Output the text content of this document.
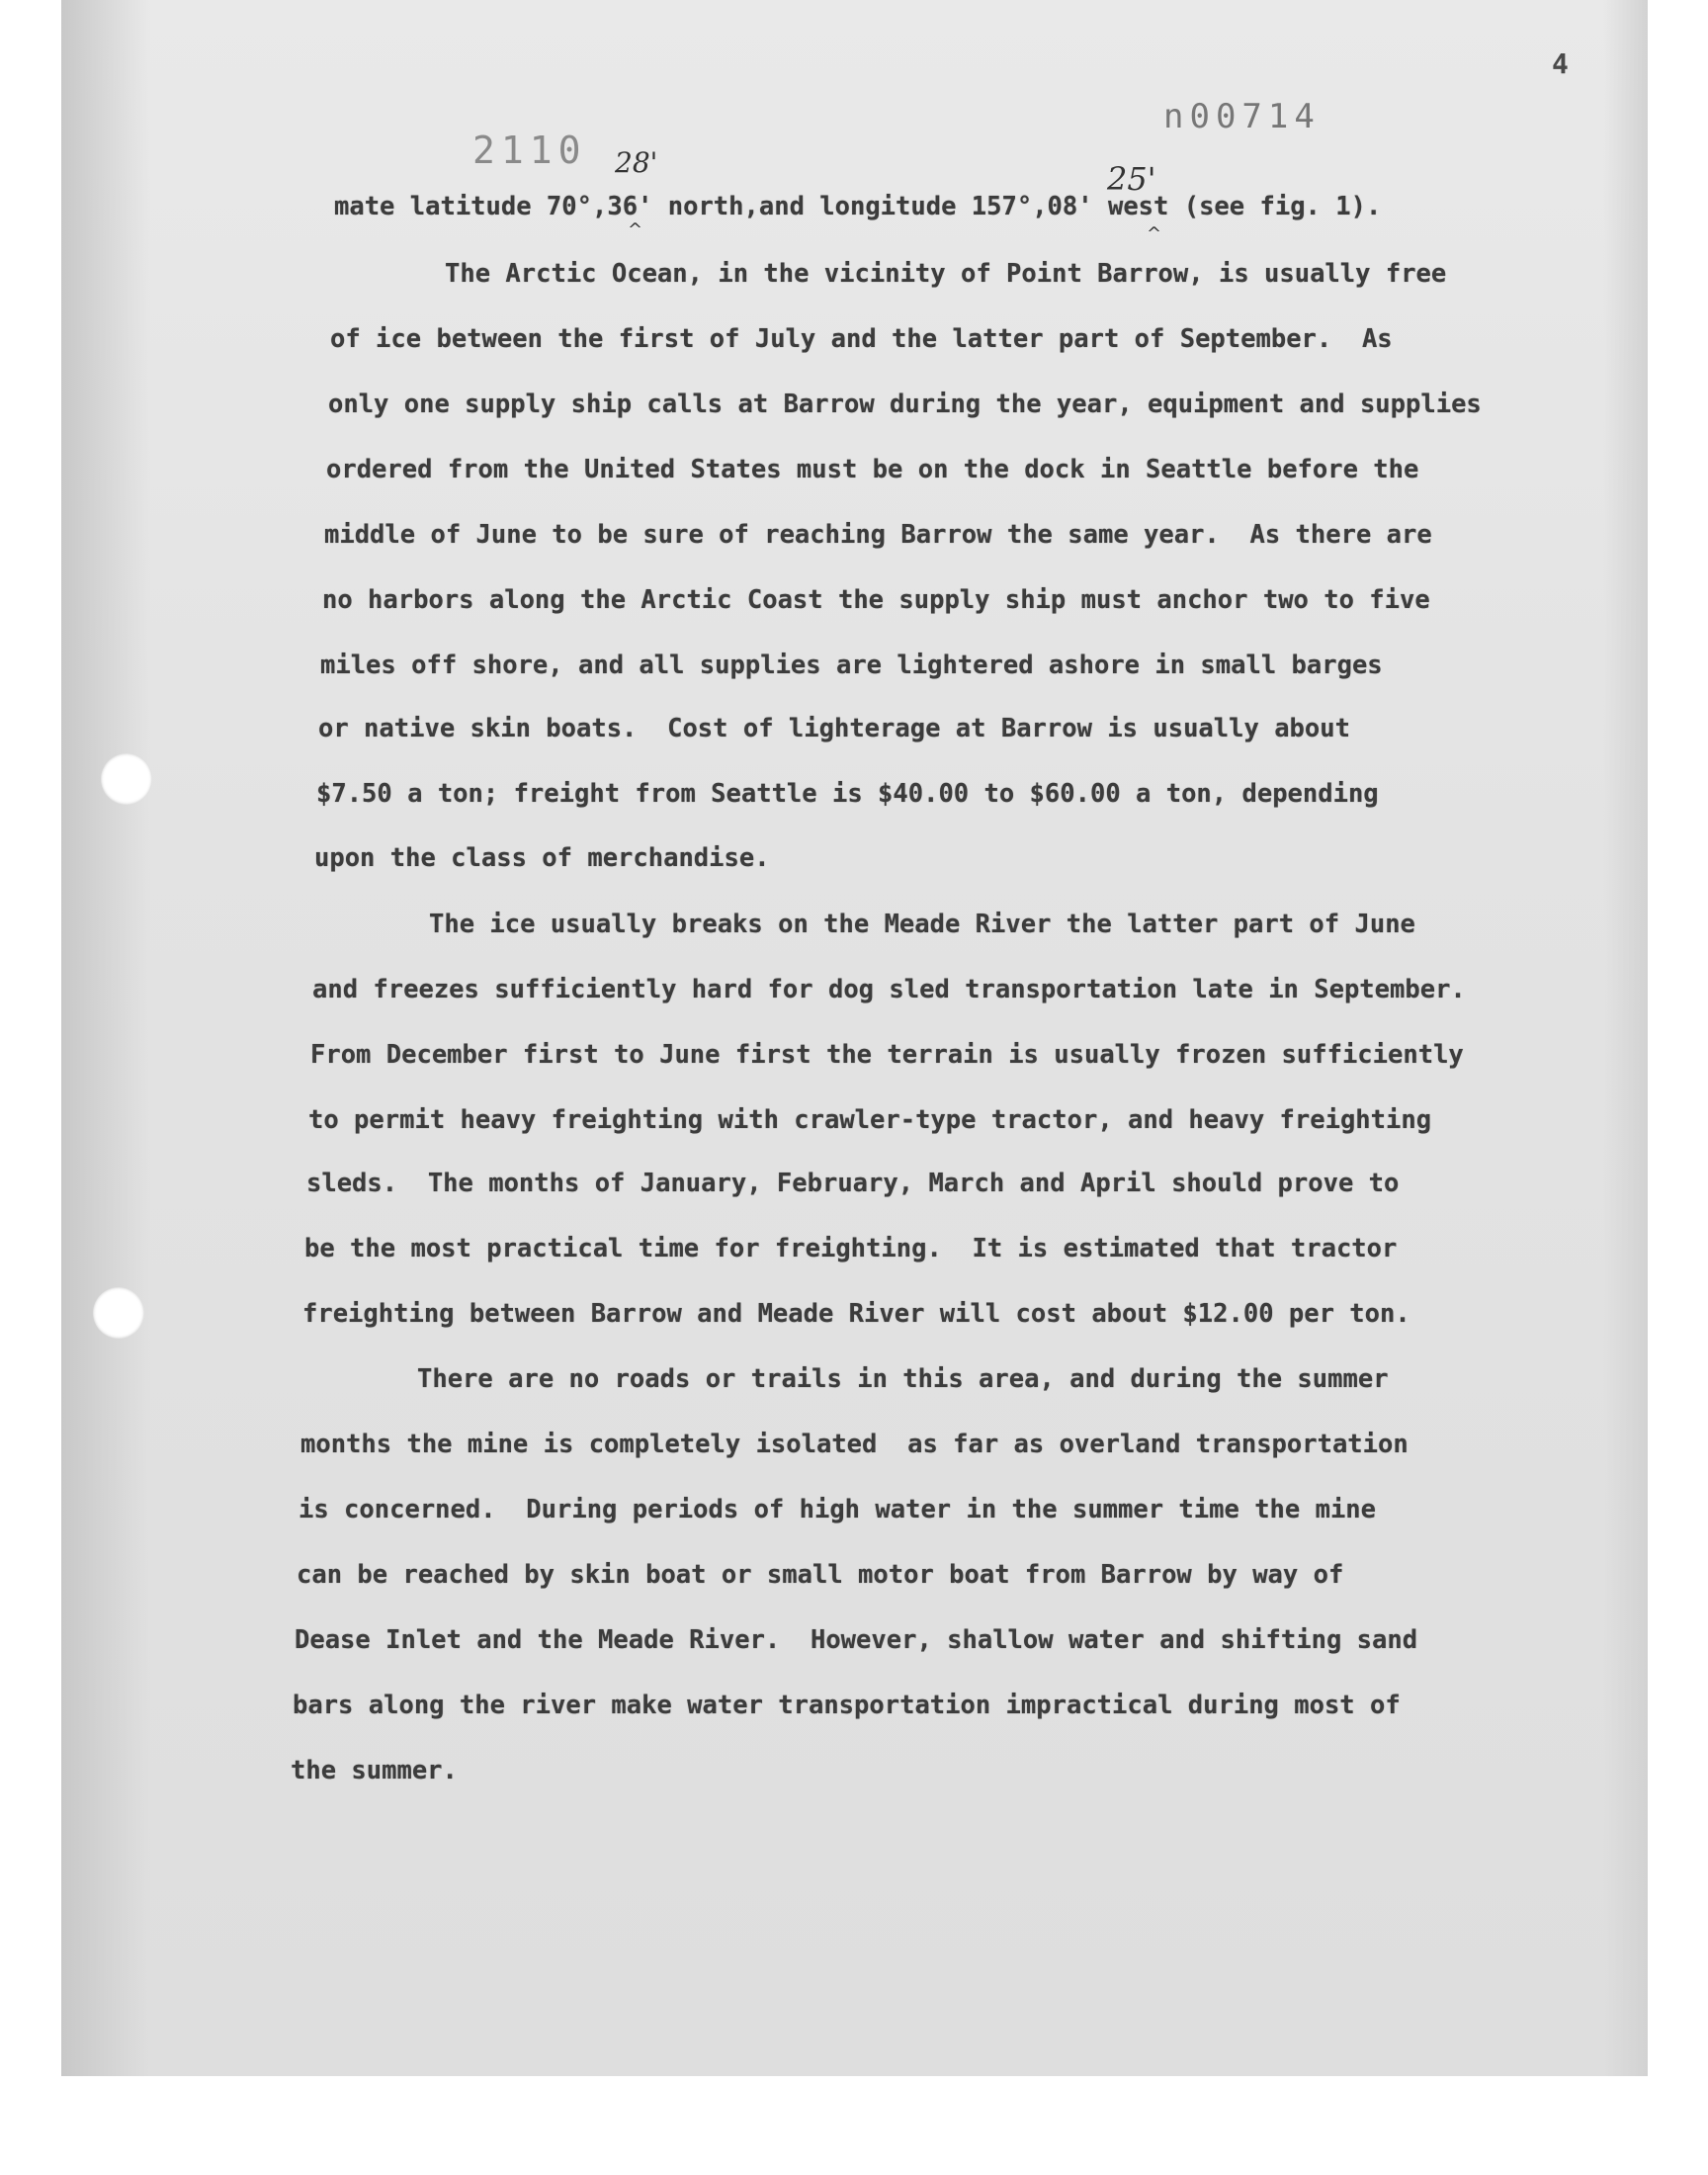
4
n00714
2110 28'	25'
^	^
mate latitude 70°,36' north,and longitude 157°,08' west (see fig. 1).
The Arctic Ocean, in the vicinity of Point Barrow, is usually free
of ice between the first of July and the latter part of September.  As
only one supply ship calls at Barrow during the year, equipment and supplies
ordered from the United States must be on the dock in Seattle before the
middle of June to be sure of reaching Barrow the same year.  As there are
no harbors along the Arctic Coast the supply ship must anchor two to five
miles off shore, and all supplies are lightered ashore in small barges
or native skin boats.  Cost of lighterage at Barrow is usually about
$7.50 a ton; freight from Seattle is $40.00 to $60.00 a ton, depending
upon the class of merchandise.
The ice usually breaks on the Meade River the latter part of June
and freezes sufficiently hard for dog sled transportation late in September.
From December first to June first the terrain is usually frozen sufficiently
to permit heavy freighting with crawler-type tractor, and heavy freighting
sleds.  The months of January, February, March and April should prove to
be the most practical time for freighting.  It is estimated that tractor
freighting between Barrow and Meade River will cost about $12.00 per ton.
There are no roads or trails in this area, and during the summer
months the mine is completely isolated  as far as overland transportation
is concerned.  During periods of high water in the summer time the mine
can be reached by skin boat or small motor boat from Barrow by way of
Dease Inlet and the Meade River.  However, shallow water and shifting sand
bars along the river make water transportation impractical during most of
the summer.
